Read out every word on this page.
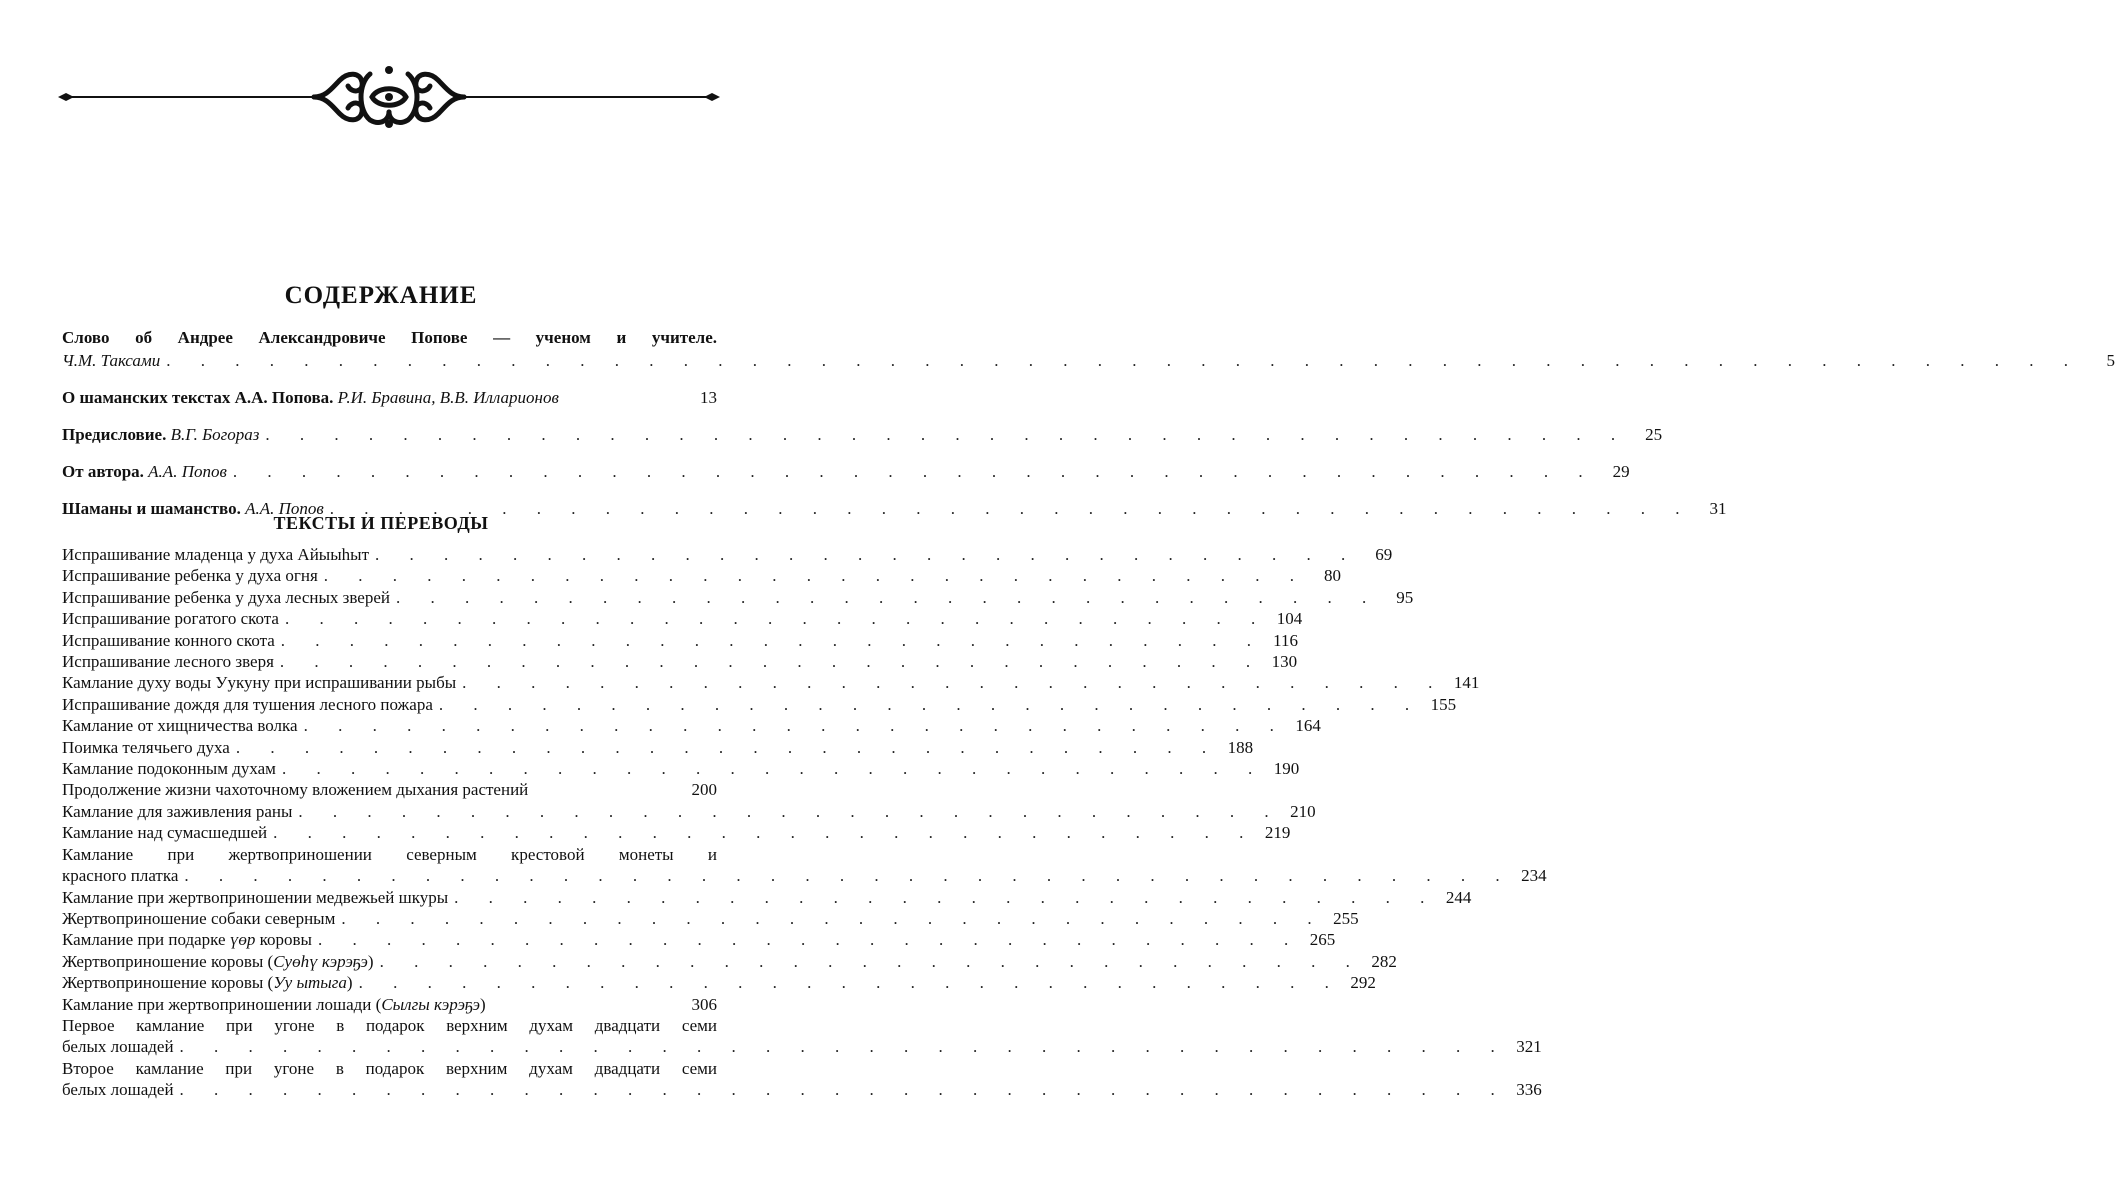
СОДЕРЖАНИЕ
Слово об Андрее Александровиче Попове — ученом и учителе.
Ч.М. Таксами . . . . . . . . . . . . . . . . . . . . . . . . . . . . . . . . . . . . . . . . . . . . . . . . . . . . . . . .	5
О шаманских текстах А.А. Попова. Р.И. Бравина, В.В. Илларионов	13
Предисловие. В.Г. Богораз . . . . . . . . . . . . . . . . . . . . . . . . . . . . . . . . . . . . . . . .	25
От автора. А.А. Попов . . . . . . . . . . . . . . . . . . . . . . . . . . . . . . . . . . . . . . . .	29
Шаманы и шаманство. А.А. Попов . . . . . . . . . . . . . . . . . . . . . . . . . . . . . . . . . . . . . . . .	31
ТЕКСТЫ И ПЕРЕВОДЫ
Испрашивание младенца у духа Айыыhыт . . . . . . . . . . . . . . . . . . . . . . . . . . . . .	69
Испрашивание ребенка у духа огня . . . . . . . . . . . . . . . . . . . . . . . . . . . . .	80
Испрашивание ребенка у духа лесных зверей . . . . . . . . . . . . . . . . . . . . . . . . . . . . .	95
Испрашивание рогатого скота . . . . . . . . . . . . . . . . . . . . . . . . . . . . . 104
Испрашивание конного скота . . . . . . . . . . . . . . . . . . . . . . . . . . . . . 116
Испрашивание лесного зверя . . . . . . . . . . . . . . . . . . . . . . . . . . . . . 130
Камлание духу воды Уукуну при испрашивании рыбы . . . . . . . . . . . . . . . . . . . . . . . . . . . . . 141
Испрашивание дождя для тушения лесного пожара . . . . . . . . . . . . . . . . . . . . . . . . . . . . . 155
Камлание от хищничества волка . . . . . . . . . . . . . . . . . . . . . . . . . . . . . 164
Поимка телячьего духа . . . . . . . . . . . . . . . . . . . . . . . . . . . . . 188
Камлание подоконным духам . . . . . . . . . . . . . . . . . . . . . . . . . . . . . 190
Продолжение жизни чахоточному вложением дыхания растений	200
Камлание для заживления раны . . . . . . . . . . . . . . . . . . . . . . . . . . . . . 210
Камлание над сумасшедшей . . . . . . . . . . . . . . . . . . . . . . . . . . . . . 219
Камлание при жертвоприношении северным крестовой монеты и
красного платка . . . . . . . . . . . . . . . . . . . . . . . . . . . . . . . . . . . . . . . 234
Камлание при жертвоприношении медвежьей шкуры . . . . . . . . . . . . . . . . . . . . . . . . . . . . . 244
Жертвоприношение собаки северным . . . . . . . . . . . . . . . . . . . . . . . . . . . . . 255
Камлание при подарке үөр коровы . . . . . . . . . . . . . . . . . . . . . . . . . . . . . 265
Жертвоприношение коровы (Суөhү кэрэҕэ) . . . . . . . . . . . . . . . . . . . . . . . . . . . . . 282
Жертвоприношение коровы (Уу ытыга) . . . . . . . . . . . . . . . . . . . . . . . . . . . . . 292
Камлание при жертвоприношении лошади (Сылгы кэрэҕэ)	306
Первое камлание при угоне в подарок верхним духам двадцати семи
белых лошадей . . . . . . . . . . . . . . . . . . . . . . . . . . . . . . . . . . . . . . . 321
Второе камлание при угоне в подарок верхним духам двадцати семи
белых лошадей . . . . . . . . . . . . . . . . . . . . . . . . . . . . . . . . . . . . . . . 336
